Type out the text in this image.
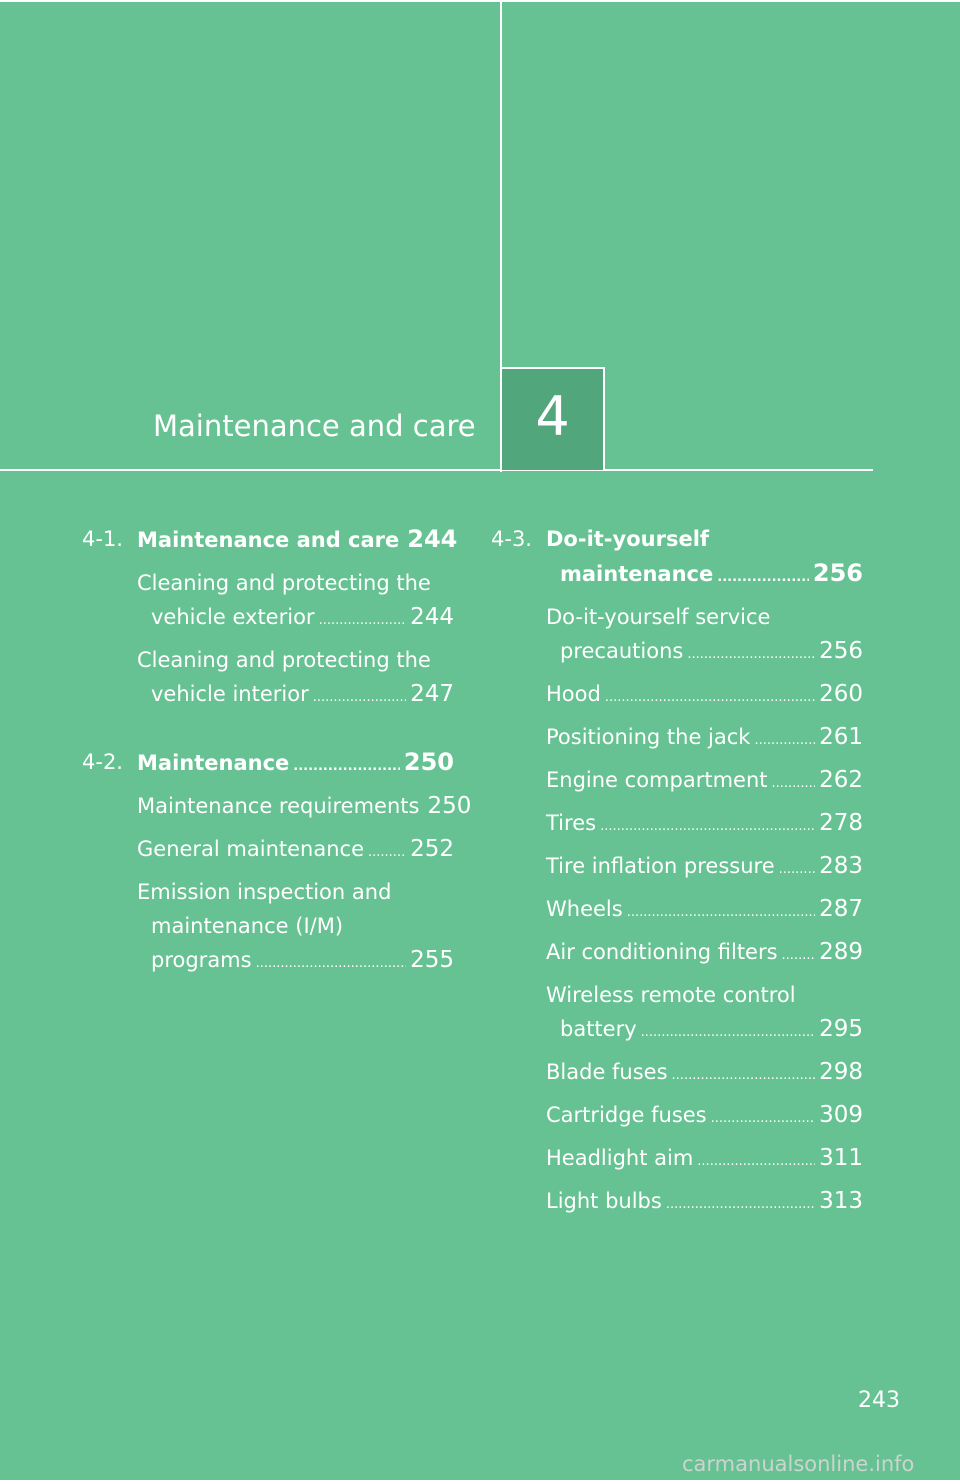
Maintenance and care	4
4-1. Maintenance and care 244
Cleaning and protecting the
vehicle exterior .....	244
Cleaning and protecting the
vehicle interior .....	247
4-2. Maintenance .....	250
Maintenance requirements 250
General maintenance ..... 252
Emission inspection and
maintenance (I/M)
programs .....	255
4-3. Do-it-yourself
maintenance .....	256
Do-it-yourself service
precautions .....	256
Hood .....	260
Positioning the jack .....	261
Engine compartment ..... 262
Tires .....	278
Tire inflation pressure ..... 283
Wheels .....	287
Air conditioning filters ..... 289
Wireless remote control
battery .....	295
Blade fuses .....	298
Cartridge fuses .....	309
Headlight aim .....	311
Light bulbs .....	313
243
carmanualsonline.info
